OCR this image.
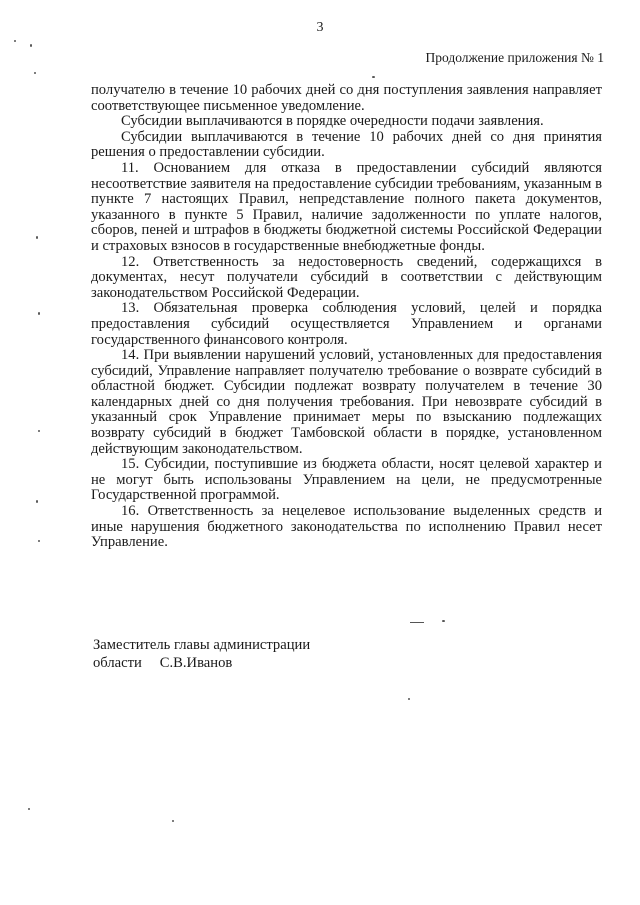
3
Продолжение приложения № 1

получателю в течение 10 рабочих дней со дня поступления заявления направляет соответствующее письменное уведомление.

Субсидии выплачиваются в порядке очередности подачи заявления.

Субсидии выплачиваются в течение 10 рабочих дней со дня принятия решения о предоставлении субсидии.

11. Основанием для отказа в предоставлении субсидий являются несоответствие заявителя на предоставление субсидии требованиям, указанным в пункте 7 настоящих Правил, непредставление полного пакета документов, указанного в пункте 5 Правил, наличие задолженности по уплате налогов, сборов, пеней и штрафов в бюджеты бюджетной системы Российской Федерации и страховых взносов в государственные внебюджетные фонды.

12. Ответственность за недостоверность сведений, содержащихся в документах, несут получатели субсидий в соответствии с действующим законодательством Российской Федерации.

13. Обязательная проверка соблюдения условий, целей и порядка предоставления субсидий осуществляется Управлением и органами государственного финансового контроля.

14. При выявлении нарушений условий, установленных для предоставления субсидий, Управление направляет получателю требование о возврате субсидий в областной бюджет. Субсидии подлежат возврату получателем в течение 30 календарных дней со дня получения требования. При невозврате субсидий в указанный срок Управление принимает меры по взысканию подлежащих возврату субсидий в бюджет Тамбовской области в порядке, установленном действующим законодательством.

15. Субсидии, поступившие из бюджета области, носят целевой характер и не могут быть использованы Управлением на цели, не предусмотренные Государственной программой.

16. Ответственность за нецелевое использование выделенных средств и иные нарушения бюджетного законодательства по исполнению Правил несет Управление.

Заместитель главы администрации
области С.В.Иванов
